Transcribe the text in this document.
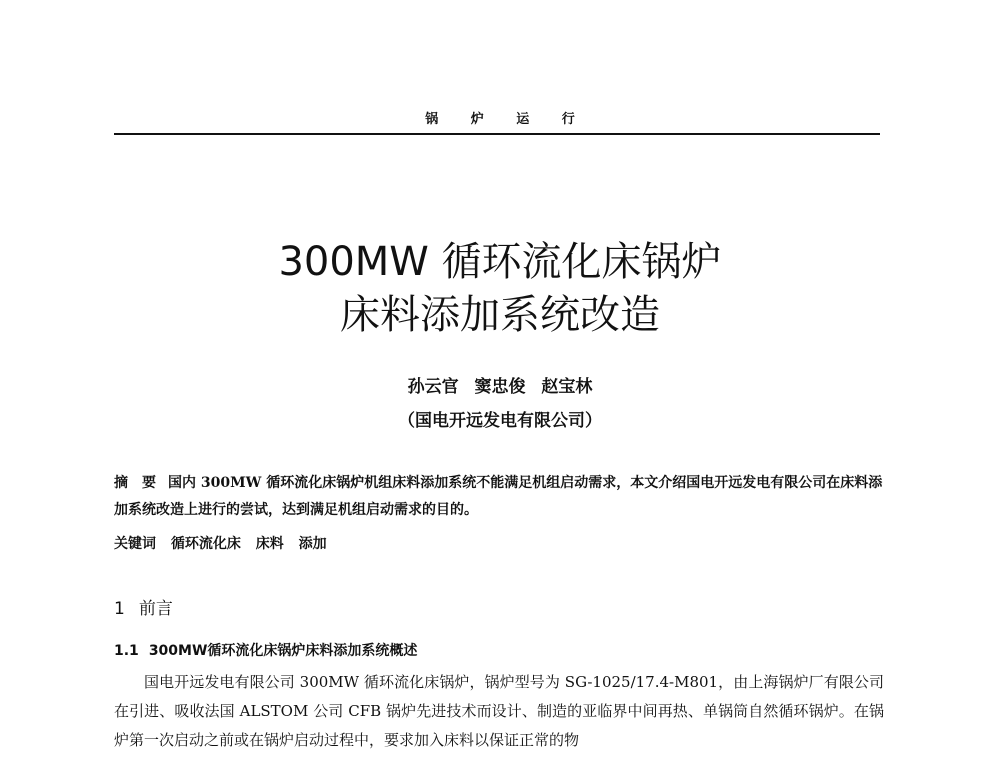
锅 炉 运 行
300MW 循环流化床锅炉
床料添加系统改造
孙云官 窦忠俊 赵宝林
（国电开远发电有限公司）
摘　要 国内 300MW 循环流化床锅炉机组床料添加系统不能满足机组启动需求，本文介绍国电开远发电有限公司在床料添加系统改造上进行的尝试，达到满足机组启动需求的目的。
关键词 循环流化床 床料 添加
1 前言
1.1 300MW循环流化床锅炉床料添加系统概述
国电开远发电有限公司 300MW 循环流化床锅炉，锅炉型号为 SG-1025/17.4-M801，由上海锅炉厂有限公司在引进、吸收法国 ALSTOM 公司 CFB 锅炉先进技术而设计、制造的亚临界中间再热、单锅筒自然循环锅炉。在锅炉第一次启动之前或在锅炉启动过程中，要求加入床料以保证正常的物
